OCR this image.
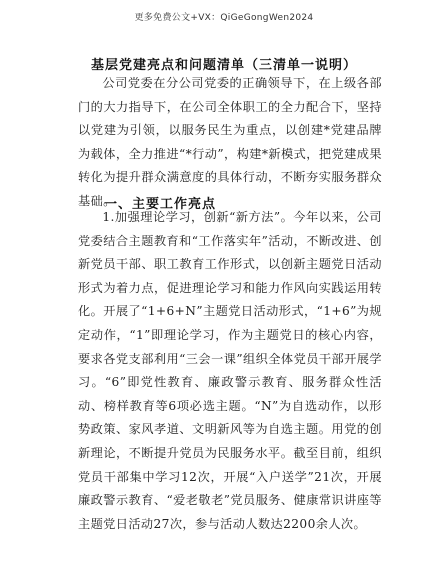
更多免费公文+VX：QiGeGongWen2024
基层党建亮点和问题清单（三清单一说明）
公司党委在分公司党委的正确领导下，在上级各部门的大力指导下，在公司全体职工的全力配合下，坚持以党建为引领，以服务民生为重点，以创建*党建品牌为载体，全力推进“*行动”，构建*新模式，把党建成果转化为提升群众满意度的具体行动，不断夯实服务群众基础。
一、主要工作亮点
1.加强理论学习，创新“新方法”。今年以来，公司党委结合主题教育和“工作落实年”活动，不断改进、创新党员干部、职工教育工作形式，以创新主题党日活动形式为着力点，促进理论学习和能力作风向实践运用转化。开展了“1+6+N”主题党日活动形式，“1+6”为规定动作，“1”即理论学习，作为主题党日的核心内容，要求各党支部利用“三会一课”组织全体党员干部开展学习。“6”即党性教育、廉政警示教育、服务群众性活动、榜样教育等6项必选主题。“N”为自选动作，以形势政策、家风孝道、文明新风等为自选主题。用党的创新理论，不断提升党员为民服务水平。截至目前，组织党员干部集中学习12次，开展“入户送学”21次，开展廉政警示教育、“爱老敬老”党员服务、健康常识讲座等主题党日活动27次，参与活动人数达2200余人次。
